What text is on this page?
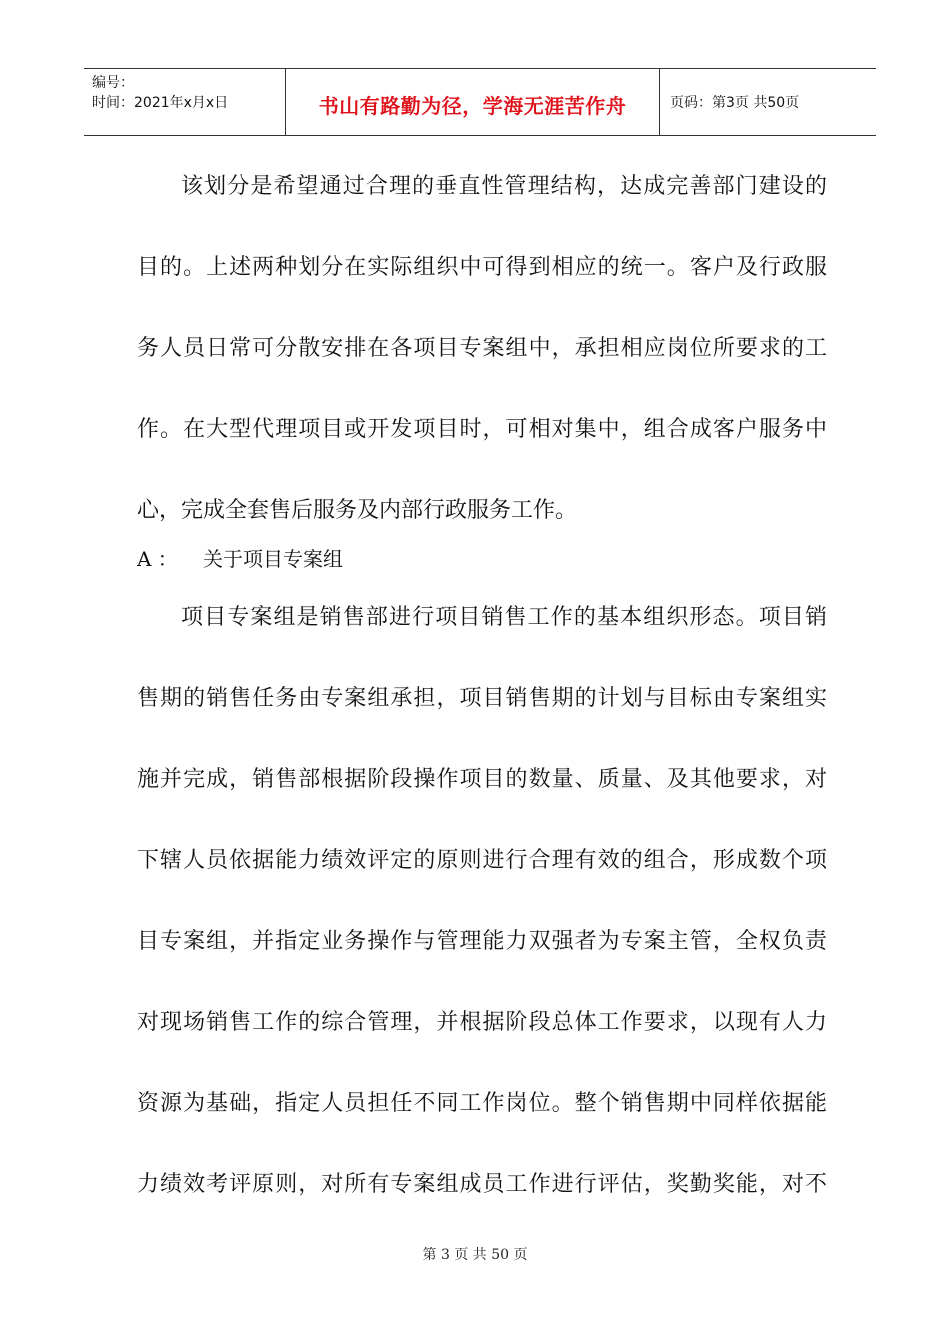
编号：
时间：2021年x月x日	书山有路勤为径，学海无涯苦作舟	页码：第3页 共50页
该划分是希望通过合理的垂直性管理结构，达成完善部门建设的
目的。上述两种划分在实际组织中可得到相应的统一。客户及行政服
务人员日常可分散安排在各项目专案组中，承担相应岗位所要求的工
作。在大型代理项目或开发项目时，可相对集中，组合成客户服务中
心，完成全套售后服务及内部行政服务工作。
A ： 关于项目专案组
项目专案组是销售部进行项目销售工作的基本组织形态。项目销
售期的销售任务由专案组承担，项目销售期的计划与目标由专案组实
施并完成，销售部根据阶段操作项目的数量、质量、及其他要求，对
下辖人员依据能力绩效评定的原则进行合理有效的组合，形成数个项
目专案组，并指定业务操作与管理能力双强者为专案主管，全权负责
对现场销售工作的综合管理，并根据阶段总体工作要求，以现有人力
资源为基础，指定人员担任不同工作岗位。整个销售期中同样依据能
力绩效考评原则，对所有专案组成员工作进行评估，奖勤奖能，对不
第 3 页 共 50 页
